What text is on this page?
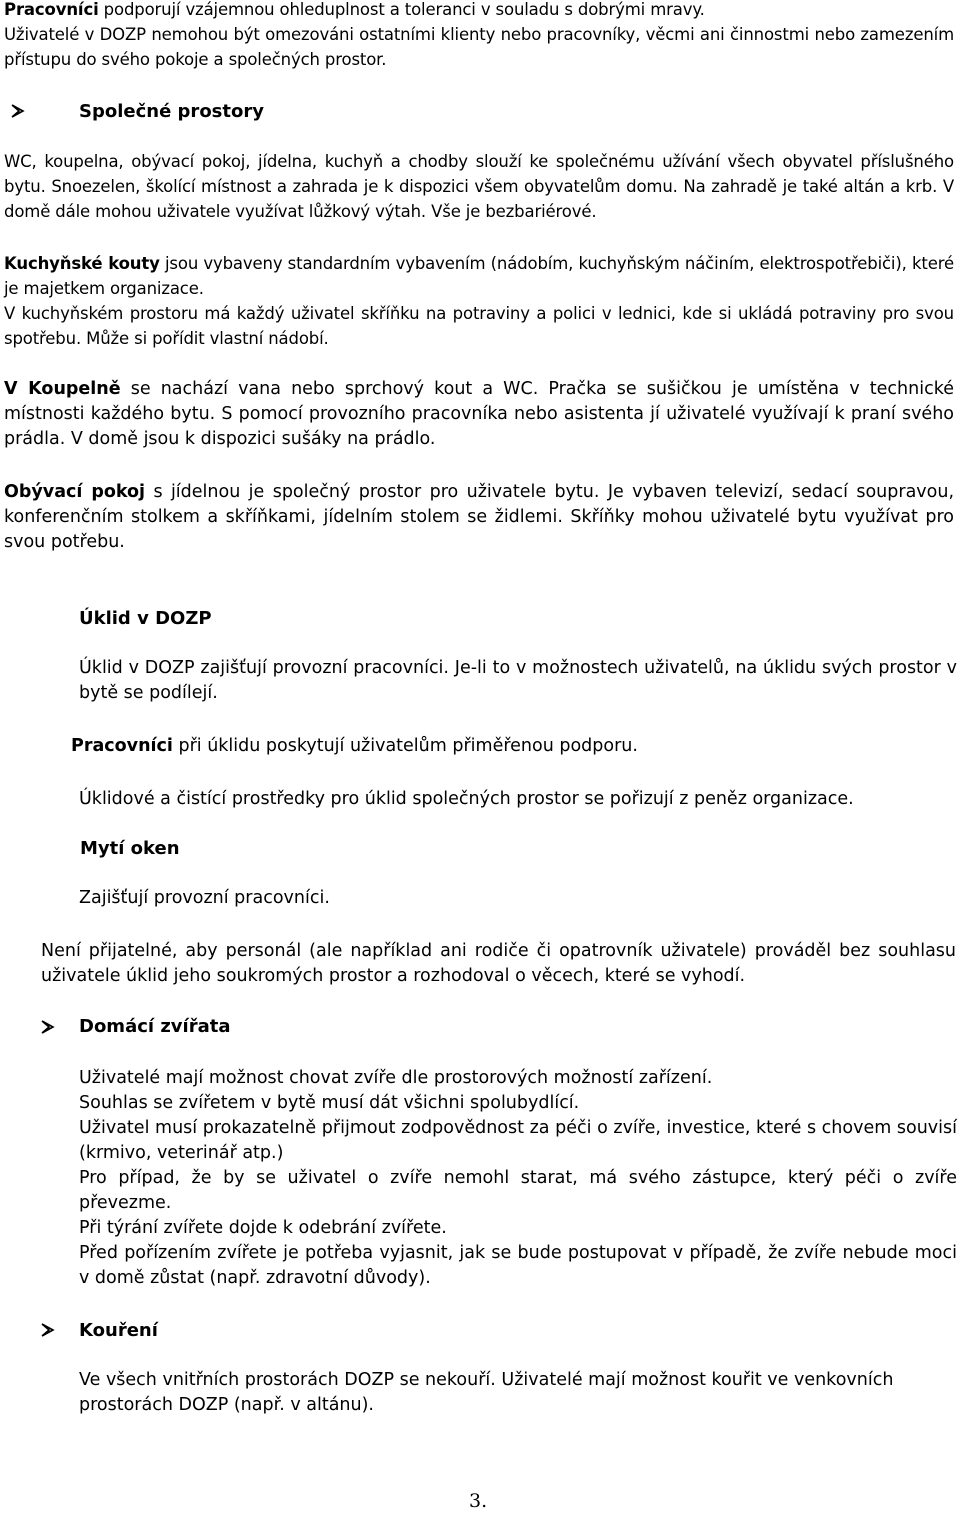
Pracovníci podporují vzájemnou ohleduplnost a toleranci v souladu s dobrými mravy.
Uživatelé v DOZP nemohou být omezováni ostatními klienty nebo pracovníky, věcmi ani činnostmi nebo zamezením přístupu do svého pokoje a společných prostor.

Společné prostory

WC, koupelna, obývací pokoj, jídelna, kuchyň a chodby slouží ke společnému užívání všech obyvatel příslušného bytu. Snoezelen, školící místnost a zahrada je k dispozici všem obyvatelům domu. Na zahradě je také altán a krb. V domě dále mohou uživatele využívat lůžkový výtah. Vše je bezbariérové.

Kuchyňské kouty jsou vybaveny standardním vybavením (nádobím, kuchyňským náčiním, elektrospotřebiči), které je majetkem organizace.
V kuchyňském prostoru má každý uživatel skříňku na potraviny a polici v lednici, kde si ukládá potraviny pro svou spotřebu. Může si pořídit vlastní nádobí.

V Koupelně se nachází vana nebo sprchový kout a WC. Pračka se sušičkou je umístěna v technické místnosti každého bytu. S pomocí provozního pracovníka nebo asistenta jí uživatelé využívají k praní svého prádla. V domě jsou k dispozici sušáky na prádlo.

Obývací pokoj s jídelnou je společný prostor pro uživatele bytu. Je vybaven televizí, sedací soupravou, konferenčním stolkem a skříňkami, jídelním stolem se židlemi. Skříňky mohou uživatelé bytu využívat pro svou potřebu.

Úklid v DOZP

Úklid v DOZP zajišťují provozní pracovníci. Je-li to v možnostech uživatelů, na úklidu svých prostor v bytě se podílejí.

Pracovníci při úklidu poskytují uživatelům přiměřenou podporu.

Úklidové a čistící prostředky pro úklid společných prostor se pořizují z peněz organizace.

Mytí oken

Zajišťují provozní pracovníci.

Není přijatelné, aby personál (ale například ani rodiče či opatrovník uživatele) prováděl bez souhlasu uživatele úklid jeho soukromých prostor a rozhodoval o věcech, které se vyhodí.

Domácí zvířata

Uživatelé mají možnost chovat zvíře dle prostorových možností zařízení.
Souhlas se zvířetem v bytě musí dát všichni spolubydlící.
Uživatel musí prokazatelně přijmout zodpovědnost za péči o zvíře, investice, které s chovem souvisí (krmivo, veterinář atp.)
Pro případ, že by se uživatel o zvíře nemohl starat, má svého zástupce, který péči o zvíře převezme.
Při týrání zvířete dojde k odebrání zvířete.
Před pořízením zvířete je potřeba vyjasnit, jak se bude postupovat v případě, že zvíře nebude moci v domě zůstat (např. zdravotní důvody).

Kouření

Ve všech vnitřních prostorách DOZP se nekouří. Uživatelé mají možnost kouřit ve venkovních prostorách DOZP (např. v altánu).

3.
